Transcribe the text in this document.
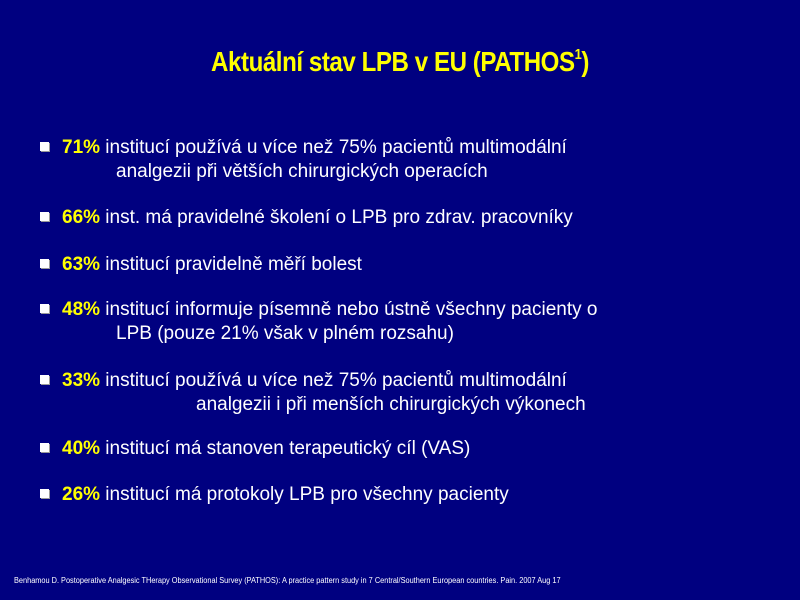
Aktuální stav LPB v EU (PATHOS$^1$)
71% institucí používá u více než 75% pacientů multimodální
analgezii při větších chirurgických operacích
66% inst. má pravidelné školení o LPB pro zdrav. pracovníky
63% institucí pravidelně měří bolest
48% institucí informuje písemně nebo ústně všechny pacienty o
LPB (pouze 21% však v plném rozsahu)
33% institucí používá u více než 75% pacientů multimodální
analgezii i při menších chirurgických výkonech
40% institucí má stanoven terapeutický cíl (VAS)
26% institucí má protokoly LPB pro všechny pacienty
Benhamou D. Postoperative Analgesic THerapy Observational Survey (PATHOS): A practice pattern study in 7 Central/Southern European countries. Pain. 2007 Aug 17
